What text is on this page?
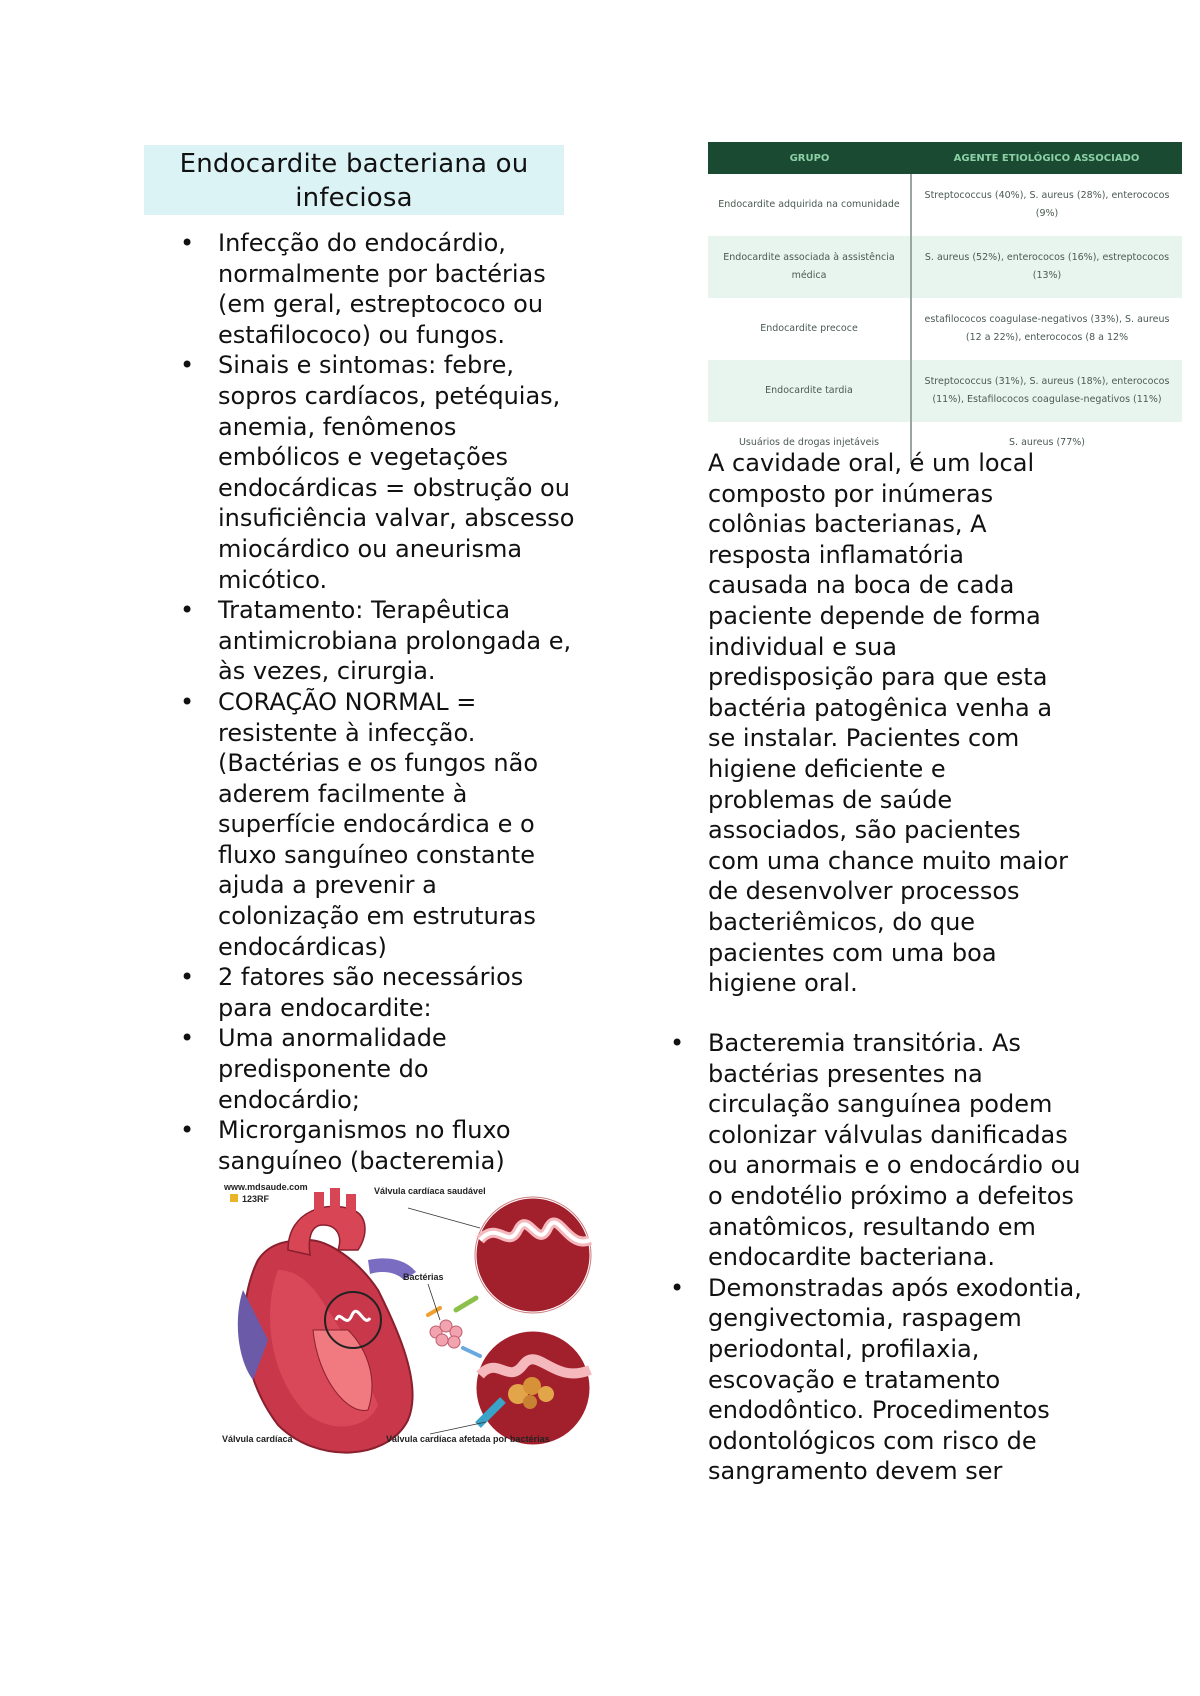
Endocardite bacteriana ou infeciosa
• Infecção do endocárdio, normalmente por bactérias (em geral, estreptococo ou estafilococo) ou fungos.
• Sinais e sintomas: febre, sopros cardíacos, petéquias, anemia, fenômenos embólicos e vegetações endocárdicas = obstrução ou insuficiência valvar, abscesso miocárdico ou aneurisma micótico.
• Tratamento: Terapêutica antimicrobiana prolongada e, às vezes, cirurgia.
• CORAÇÃO NORMAL = resistente à infecção. (Bactérias e os fungos não aderem facilmente à superfície endocárdica e o fluxo sanguíneo constante ajuda a prevenir a colonização em estruturas endocárdicas)
• 2 fatores são necessários para endocardite:
• Uma anormalidade predisponente do endocárdio;
• Microrganismos no fluxo sanguíneo (bacteremia)
GRUPO	AGENTE ETIOLÓGICO ASSOCIADO
Endocardite adquirida na comunidade	Streptococcus (40%), S. aureus (28%), enterococos (9%)
Endocardite associada à assistência médica	S. aureus (52%), enterococos (16%), estreptococos (13%)
Endocardite precoce	estafilococos coagulase-negativos (33%), S. aureus (12 a 22%), enterococos (8 a 12%
Endocardite tardia	Streptococcus (31%), S. aureus (18%), enterococos (11%), Estafilococos coagulase-negativos (11%)
Usuários de drogas injetáveis	S. aureus (77%)
A cavidade oral, é um local composto por inúmeras colônias bacterianas, A resposta inflamatória causada na boca de cada paciente depende de forma individual e sua predisposição para que esta bactéria patogênica venha a se instalar. Pacientes com higiene deficiente e problemas de saúde associados, são pacientes com uma chance muito maior de desenvolver processos bacteriêmicos, do que pacientes com uma boa higiene oral.
• Bacteremia transitória. As bactérias presentes na circulação sanguínea podem colonizar válvulas danificadas ou anormais e o endocárdio ou o endotélio próximo a defeitos anatômicos, resultando em endocardite bacteriana.
• Demonstradas após exodontia, gengivectomia, raspagem periodontal, profilaxia, escovação e tratamento endodôntico. Procedimentos odontológicos com risco de sangramento devem ser
www.mdsaude.com
123RF
Válvula cardíaca saudável
Bactérias
Válvula cardíaca	Válvula cardíaca afetada por bactérias
